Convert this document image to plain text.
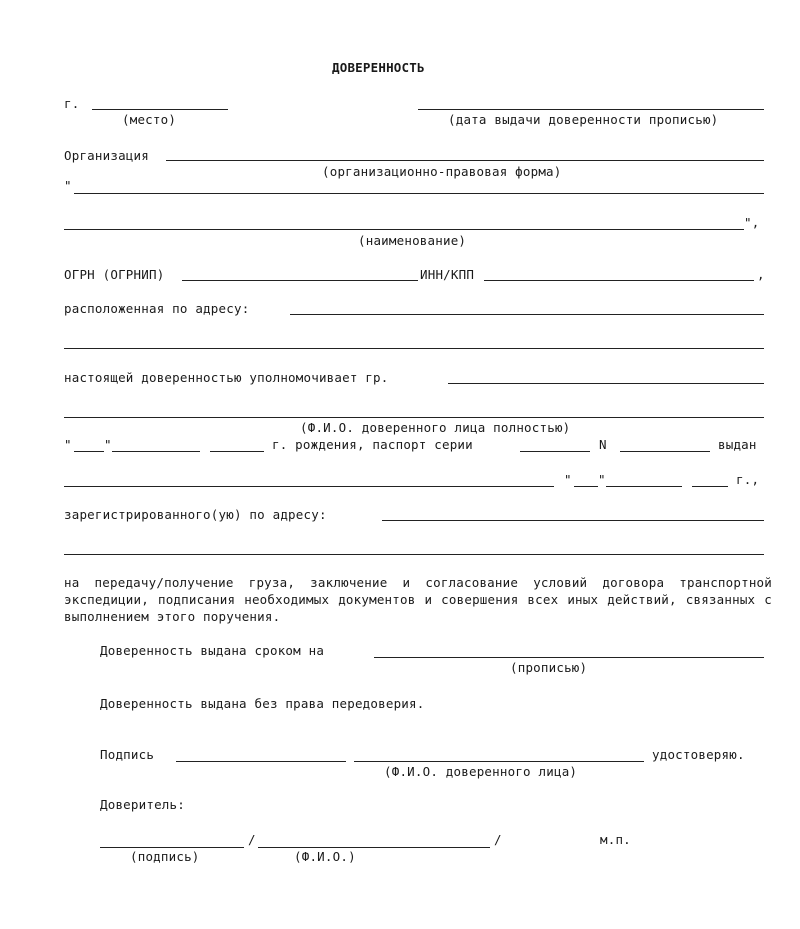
ДОВЕРЕННОСТЬ
г.
(место)	(дата выдачи доверенности прописью)
Организация
(организационно-правовая форма)
"
",
(наименование)
ОГРН (ОГРНИП)	ИНН/КПП	,
расположенная по адресу:
настоящей доверенностью уполномочивает гр.
(Ф.И.О. доверенного лица полностью)
"	"	г. рождения, паспорт серии	N	выдан
" "	г.,
зарегистрированного(ую) по адресу:
на передачу/получение груза, заключение и согласование условий договора транспортной экспедиции, подписания необходимых документов и совершения всех иных действий, связанных с выполнением этого поручения.
Доверенность выдана сроком на
(прописью)
Доверенность выдана без права передоверия.
Подпись	удостоверяю.
(Ф.И.О. доверенного лица)
Доверитель:
/	/	м.п.
(подпись)	(Ф.И.О.)
